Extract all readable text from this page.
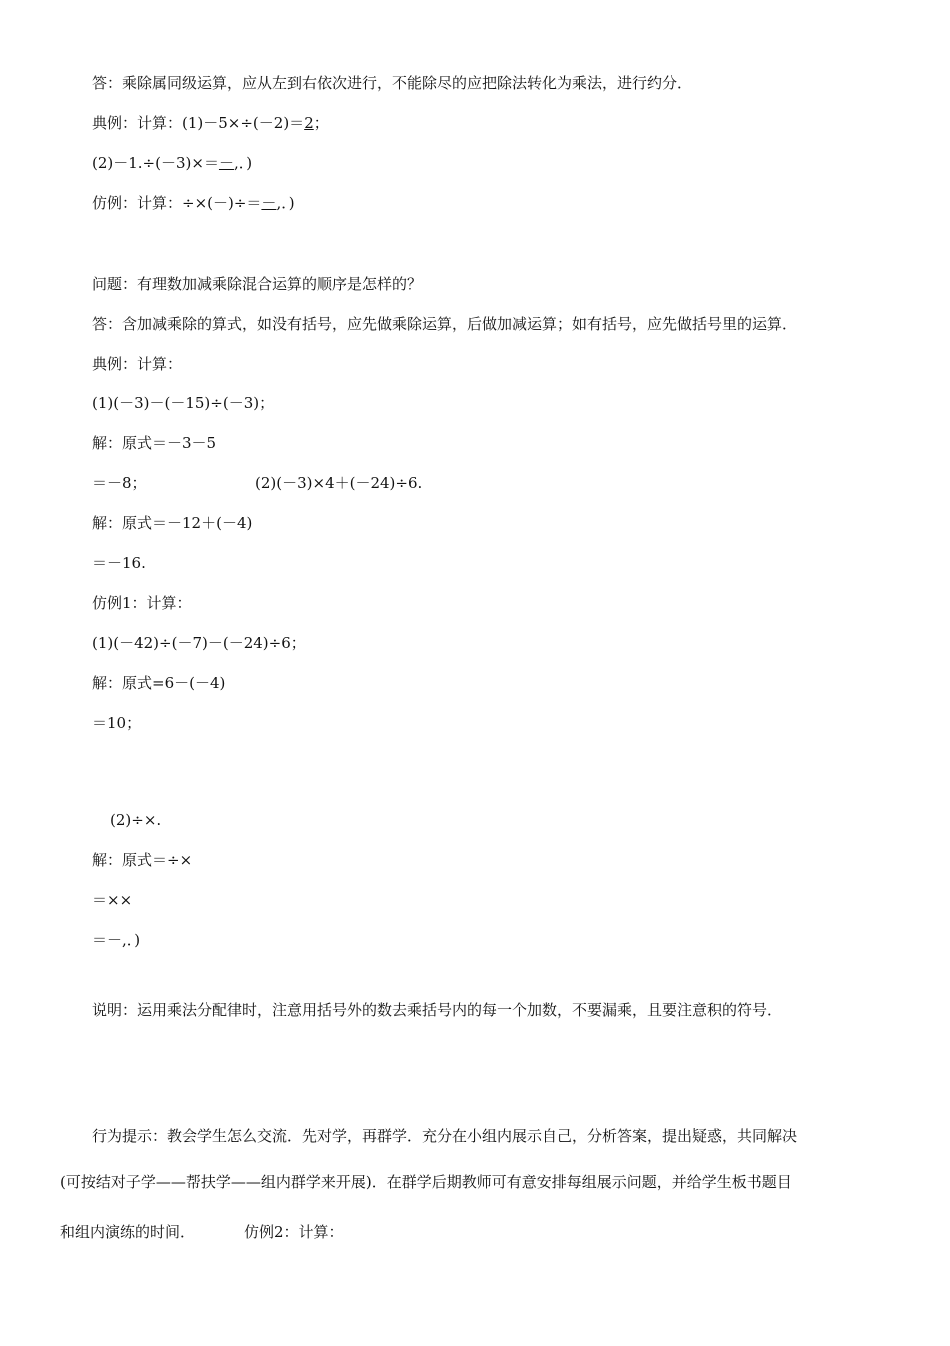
答：乘除属同级运算，应从左到右依次进行，不能除尽的应把除法转化为乘法，进行约分．
典例：计算：(1)－5×÷(－2)＝2；
(2)－1.÷(－3)×＝－,．)
仿例：计算：÷×(－)÷＝－,．)
问题：有理数加减乘除混合运算的顺序是怎样的？
答：含加减乘除的算式，如没有括号，应先做乘除运算，后做加减运算；如有括号，应先做括号里的运算．
典例：计算：
(1)(－3)－(－15)÷(－3)；
解：原式＝－3－5
＝－8；	(2)(－3)×4＋(－24)÷6.
解：原式＝－12＋(－4)
＝－16.
仿例1：计算：
(1)(－42)÷(－7)－(－24)÷6；
解：原式=6－(－4)
＝10；
(2)÷×.
解：原式＝÷×
＝××
＝－,．)
说明：运用乘法分配律时，注意用括号外的数去乘括号内的每一个加数，不要漏乘，且要注意积的符号．
行为提示：教会学生怎么交流．先对学，再群学．充分在小组内展示自己，分析答案，提出疑惑，共同解决
(可按结对子学——帮扶学——组内群学来开展)．在群学后期教师可有意安排每组展示问题，并给学生板书题目
和组内演练的时间．	仿例2：计算：
